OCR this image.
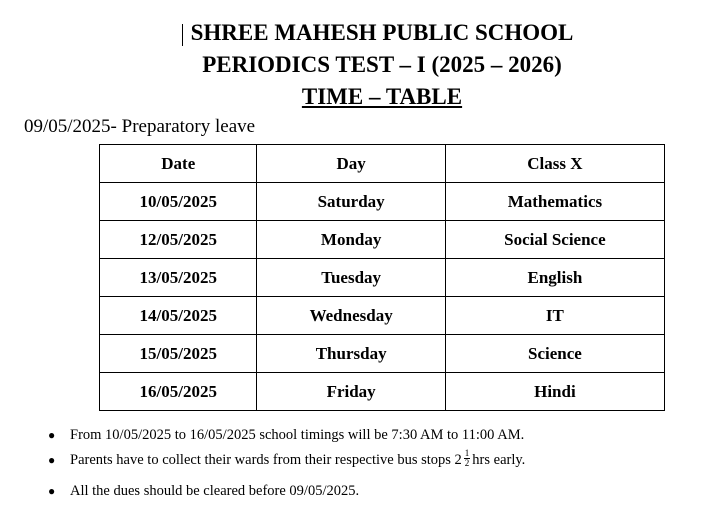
SHREE MAHESH PUBLIC SCHOOL
PERIODICS TEST – I (2025 – 2026)
TIME – TABLE
09/05/2025- Preparatory leave
Date	Day	Class X
10/05/2025	Saturday	Mathematics
12/05/2025	Monday	Social Science
13/05/2025	Tuesday	English
14/05/2025	Wednesday	IT
15/05/2025	Thursday	Science
16/05/2025	Friday	Hindi
● From 10/05/2025 to 16/05/2025 school timings will be 7:30 AM to 11:00 AM.
● Parents have to collect their wards from their respective bus stops $2 \frac{1}{2}$ hrs early.
● All the dues should be cleared before 09/05/2025.
